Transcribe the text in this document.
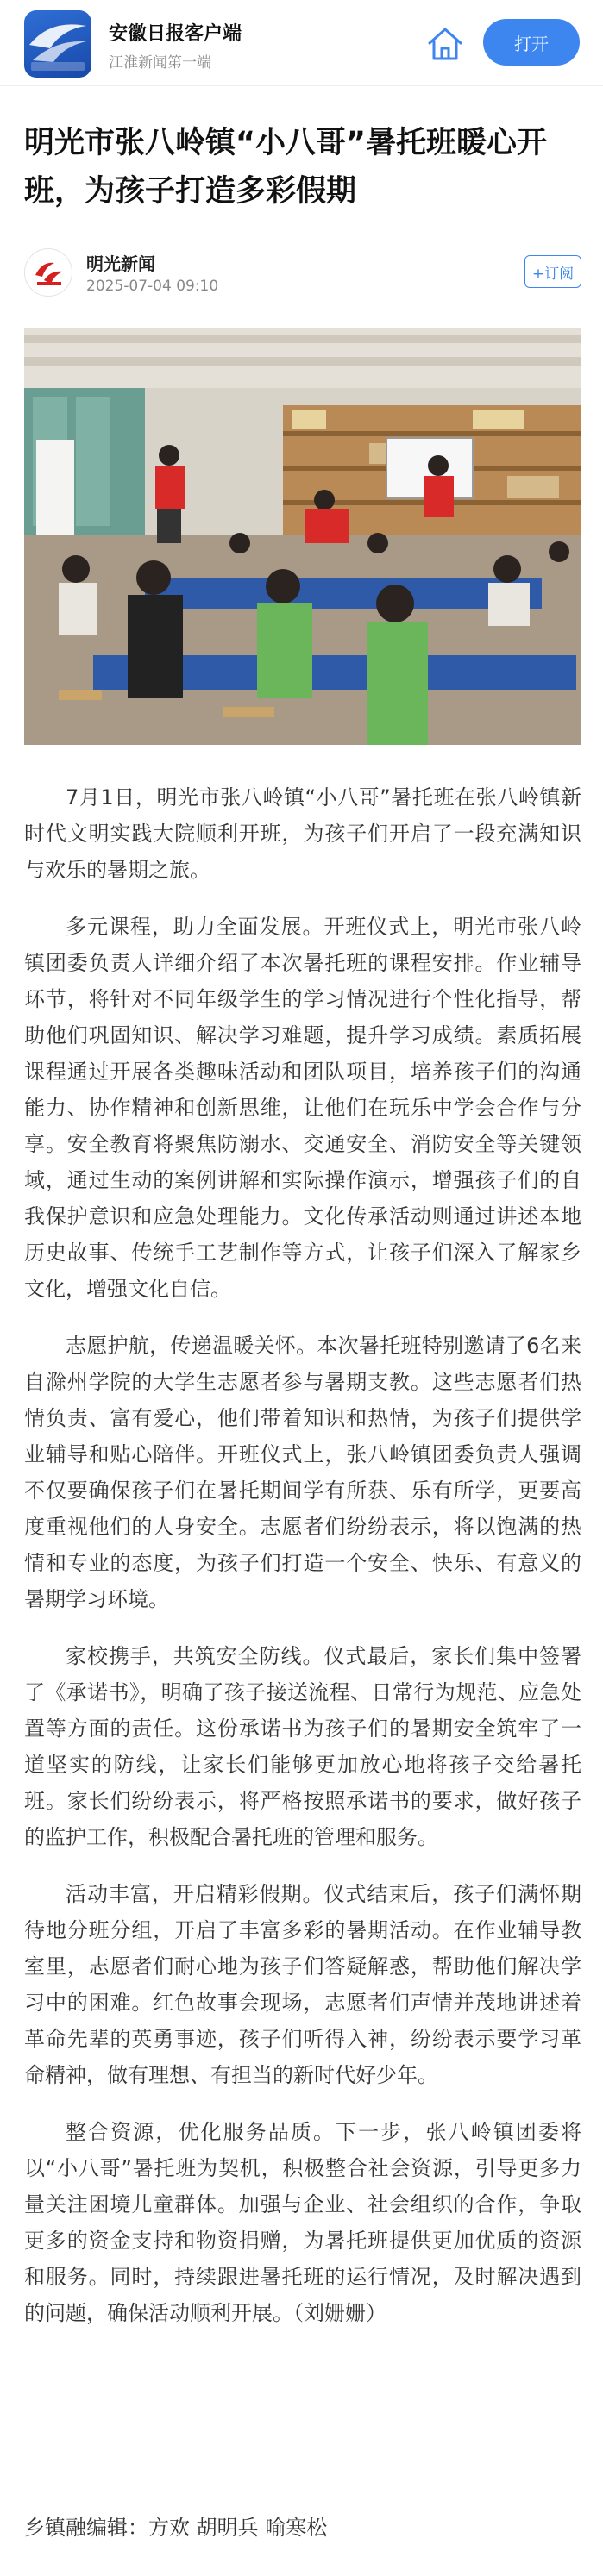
安徽日报客户端
江淮新闻第一端
打开
明光市张八岭镇“小八哥”暑托班暖心开班，为孩子打造多彩假期
明光新闻
2025-07-04 09:10
+订阅

7月1日，明光市张八岭镇“小八哥”暑托班在张八岭镇新时代文明实践大院顺利开班，为孩子们开启了一段充满知识与欢乐的暑期之旅。

多元课程，助力全面发展。开班仪式上，明光市张八岭镇团委负责人详细介绍了本次暑托班的课程安排。作业辅导环节，将针对不同年级学生的学习情况进行个性化指导，帮助他们巩固知识、解决学习难题，提升学习成绩。素质拓展课程通过开展各类趣味活动和团队项目，培养孩子们的沟通能力、协作精神和创新思维，让他们在玩乐中学会合作与分享。安全教育将聚焦防溺水、交通安全、消防安全等关键领域，通过生动的案例讲解和实际操作演示，增强孩子们的自我保护意识和应急处理能力。文化传承活动则通过讲述本地历史故事、传统手工艺制作等方式，让孩子们深入了解家乡文化，增强文化自信。

志愿护航，传递温暖关怀。本次暑托班特别邀请了6名来自滁州学院的大学生志愿者参与暑期支教。这些志愿者们热情负责、富有爱心，他们带着知识和热情，为孩子们提供学业辅导和贴心陪伴。开班仪式上，张八岭镇团委负责人强调不仅要确保孩子们在暑托期间学有所获、乐有所学，更要高度重视他们的人身安全。志愿者们纷纷表示，将以饱满的热情和专业的态度，为孩子们打造一个安全、快乐、有意义的暑期学习环境。

家校携手，共筑安全防线。仪式最后，家长们集中签署了《承诺书》，明确了孩子接送流程、日常行为规范、应急处置等方面的责任。这份承诺书为孩子们的暑期安全筑牢了一道坚实的防线，让家长们能够更加放心地将孩子交给暑托班。家长们纷纷表示，将严格按照承诺书的要求，做好孩子的监护工作，积极配合暑托班的管理和服务。

活动丰富，开启精彩假期。仪式结束后，孩子们满怀期待地分班分组，开启了丰富多彩的暑期活动。在作业辅导教室里，志愿者们耐心地为孩子们答疑解惑，帮助他们解决学习中的困难。红色故事会现场，志愿者们声情并茂地讲述着革命先辈的英勇事迹，孩子们听得入神，纷纷表示要学习革命精神，做有理想、有担当的新时代好少年。

整合资源，优化服务品质。下一步，张八岭镇团委将以“小八哥”暑托班为契机，积极整合社会资源，引导更多力量关注困境儿童群体。加强与企业、社会组织的合作，争取更多的资金支持和物资捐赠，为暑托班提供更加优质的资源和服务。同时，持续跟进暑托班的运行情况，及时解决遇到的问题，确保活动顺利开展。（刘姗姗）

乡镇融编辑：方欢 胡明兵 喻寒松
